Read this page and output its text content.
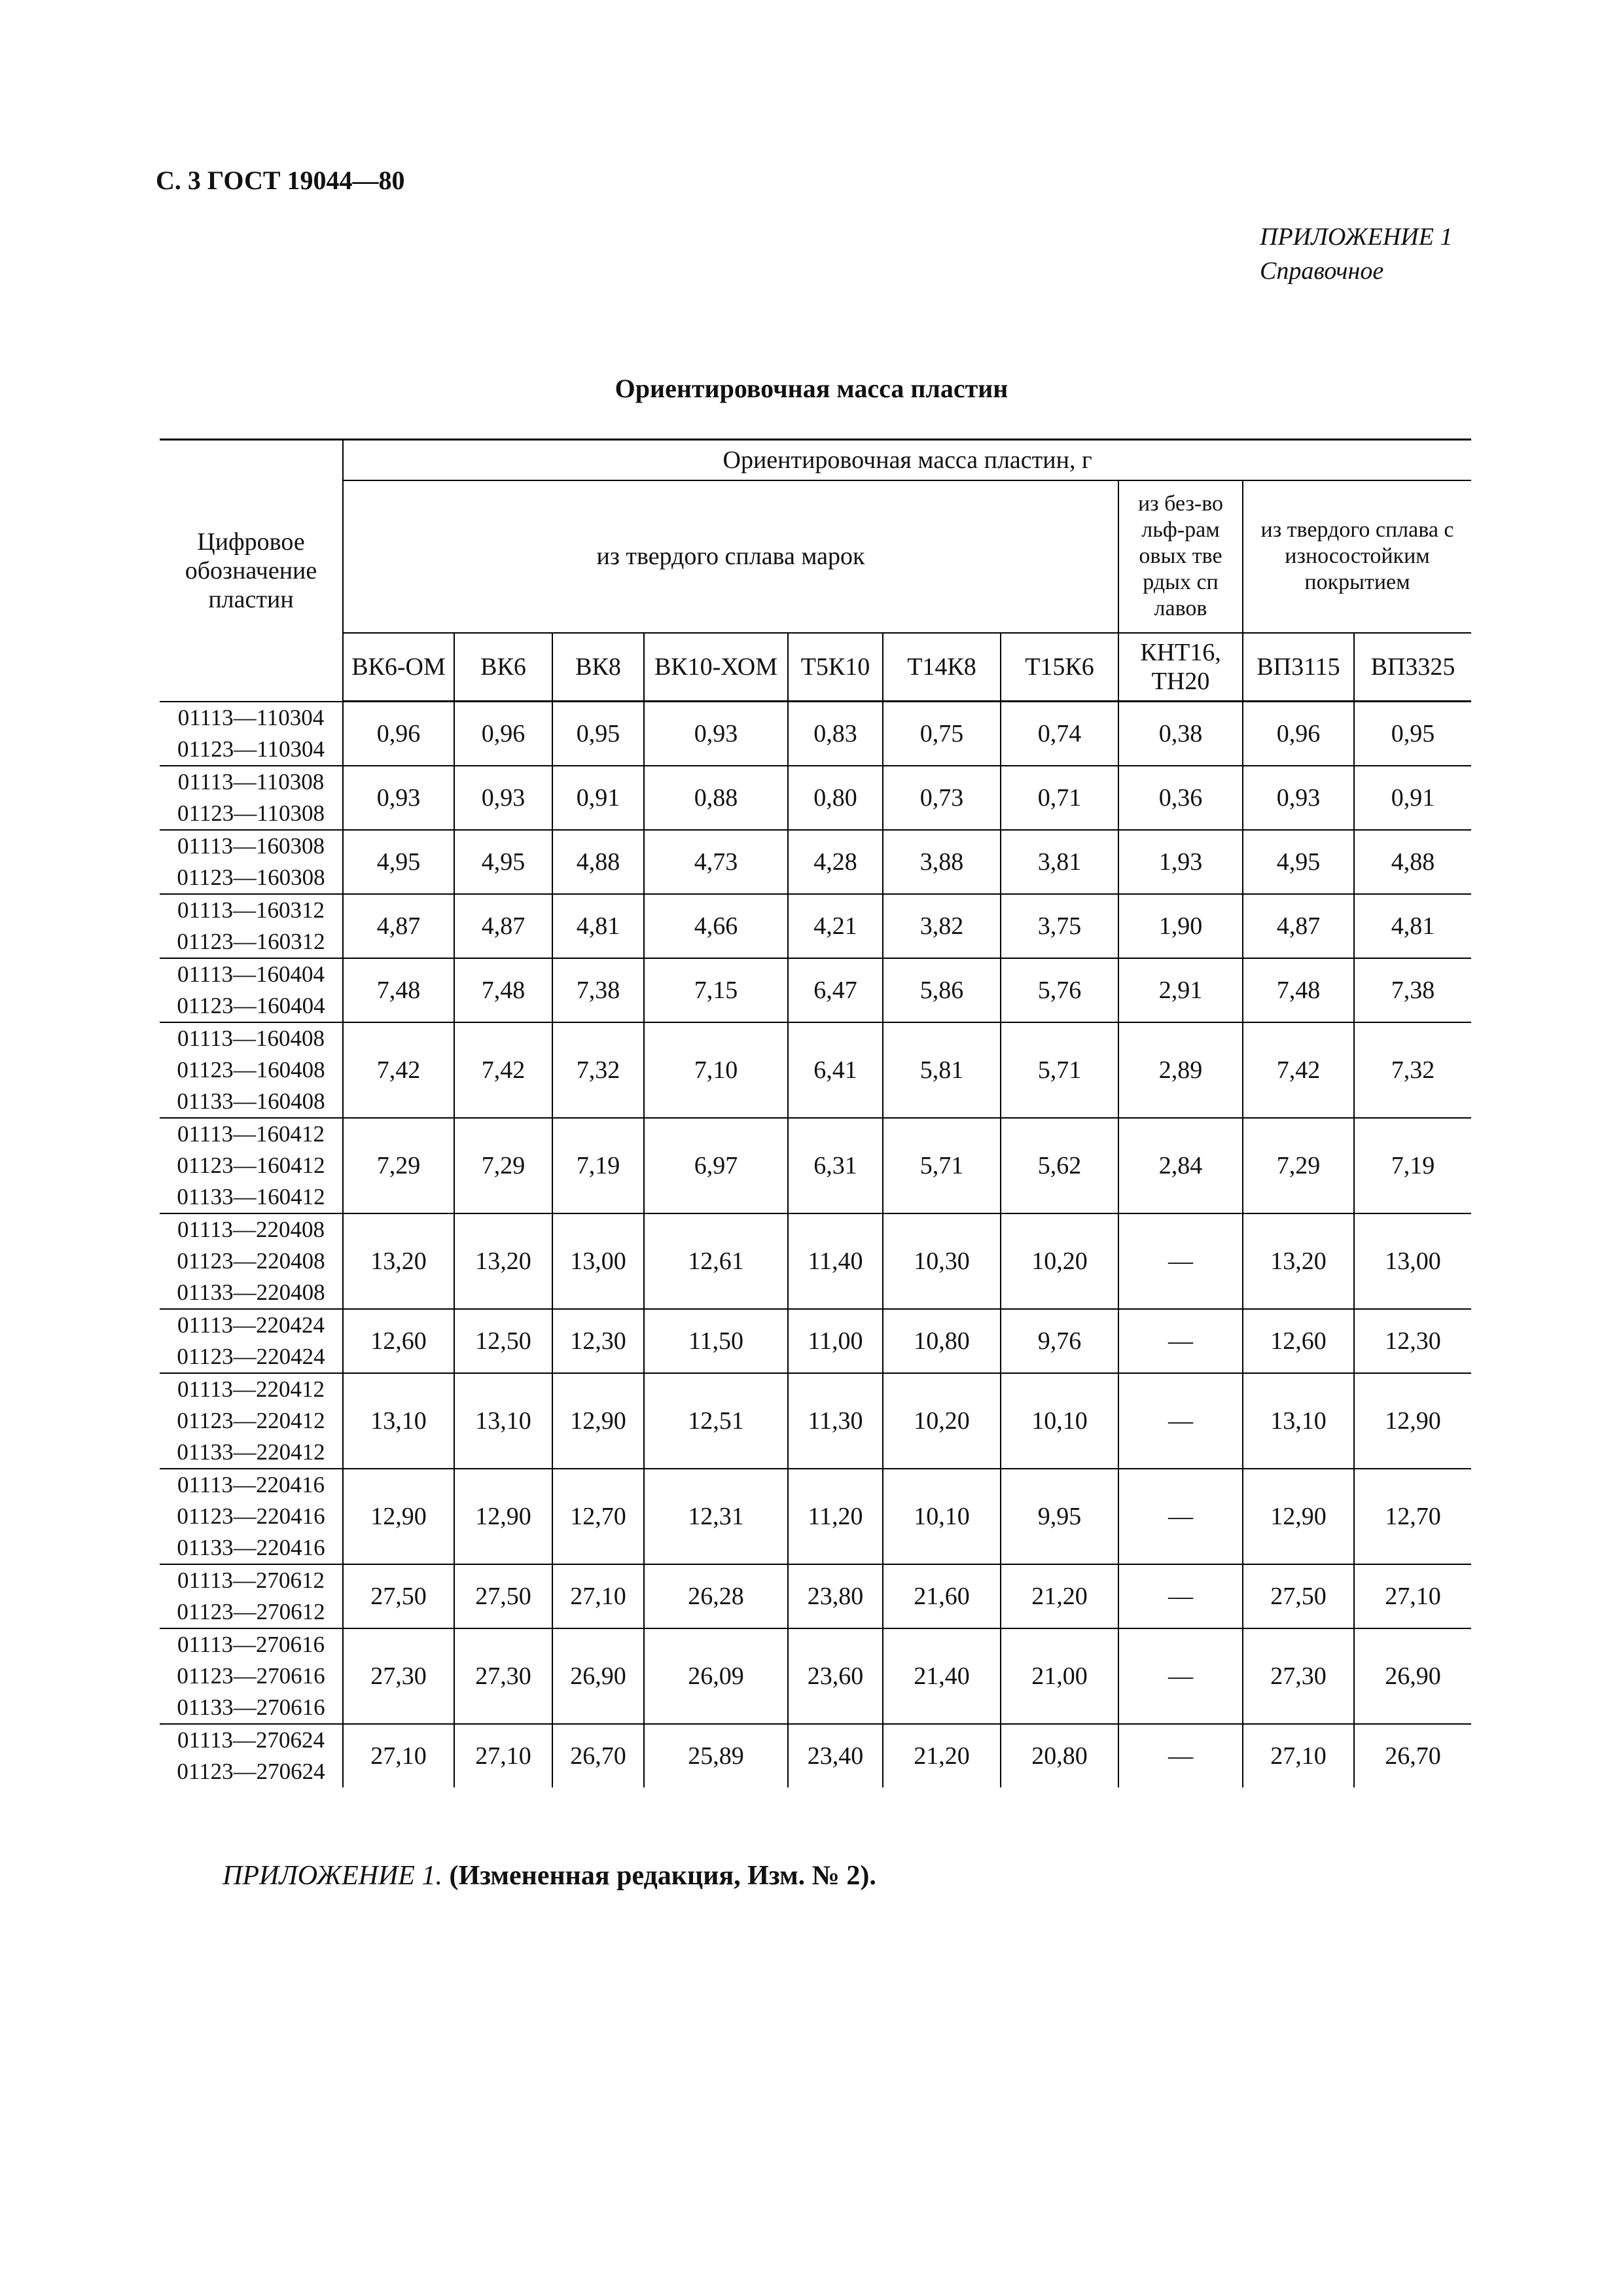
С. 3 ГОСТ 19044—80
ПРИЛОЖЕНИЕ 1
Справочное
Ориентировочная масса пластин
Цифровое обозначение пластин	Ориентировочная масса пластин, г									
	из твердого сплава марок							из без-вольф-рамовых твердых сплавов	из твердого сплава с износостойким покрытием	
	ВК6-ОМ	ВК6	ВК8	ВК10-ХОМ	Т5К10	Т14К8	Т15К6	КНТ16, ТН20	ВП3115	ВП3325

01113—110304
01123—110304	0,96	0,96	0,95	0,93	0,83	0,75	0,74	0,38	0,96	0,95

01113—110308
01123—110308	0,93	0,93	0,91	0,88	0,80	0,73	0,71	0,36	0,93	0,91

01113—160308
01123—160308	4,95	4,95	4,88	4,73	4,28	3,88	3,81	1,93	4,95	4,88

01113—160312
01123—160312	4,87	4,87	4,81	4,66	4,21	3,82	3,75	1,90	4,87	4,81

01113—160404
01123—160404	7,48	7,48	7,38	7,15	6,47	5,86	5,76	2,91	7,48	7,38

01113—160408
01123—160408
01133—160408	7,42	7,42	7,32	7,10	6,41	5,81	5,71	2,89	7,42	7,32

01113—160412
01123—160412
01133—160412	7,29	7,29	7,19	6,97	6,31	5,71	5,62	2,84	7,29	7,19

01113—220408
01123—220408
01133—220408	13,20	13,20	13,00	12,61	11,40	10,30	10,20	—	13,20	13,00

01113—220424
01123—220424	12,60	12,50	12,30	11,50	11,00	10,80	9,76	—	12,60	12,30

01113—220412
01123—220412
01133—220412	13,10	13,10	12,90	12,51	11,30	10,20	10,10	—	13,10	12,90

01113—220416
01123—220416
01133—220416	12,90	12,90	12,70	12,31	11,20	10,10	9,95	—	12,90	12,70

01113—270612
01123—270612	27,50	27,50	27,10	26,28	23,80	21,60	21,20	—	27,50	27,10

01113—270616
01123—270616
01133—270616	27,30	27,30	26,90	26,09	23,60	21,40	21,00	—	27,30	26,90

01113—270624
01123—270624	27,10	27,10	26,70	25,89	23,40	21,20	20,80	—	27,10	26,70
ПРИЛОЖЕНИЕ 1. (Измененная редакция, Изм. № 2).
